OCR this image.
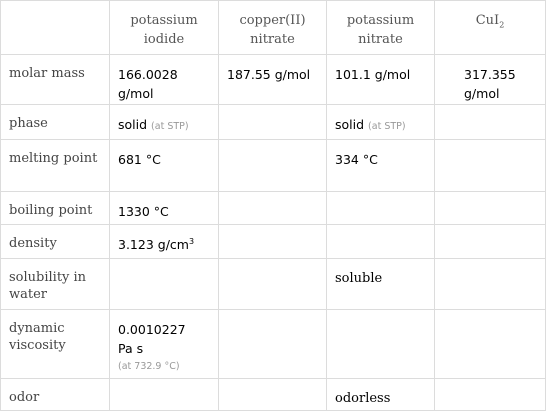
	potassium iodide	copper(II) nitrate	potassium nitrate	CuI$_2$
molar mass	166.0028 g/mol	187.55 g/mol	101.1 g/mol	317.355 g/mol
phase	solid (at STP)		solid (at STP)	
melting point	681 °C		334 °C	
boiling point	1330 °C			
density	3.123 $g/cm^3$			
solubility in water			soluble	
dynamic viscosity	0.0010227
Pa s
(at 732.9 °C)			

odor			odorless	
